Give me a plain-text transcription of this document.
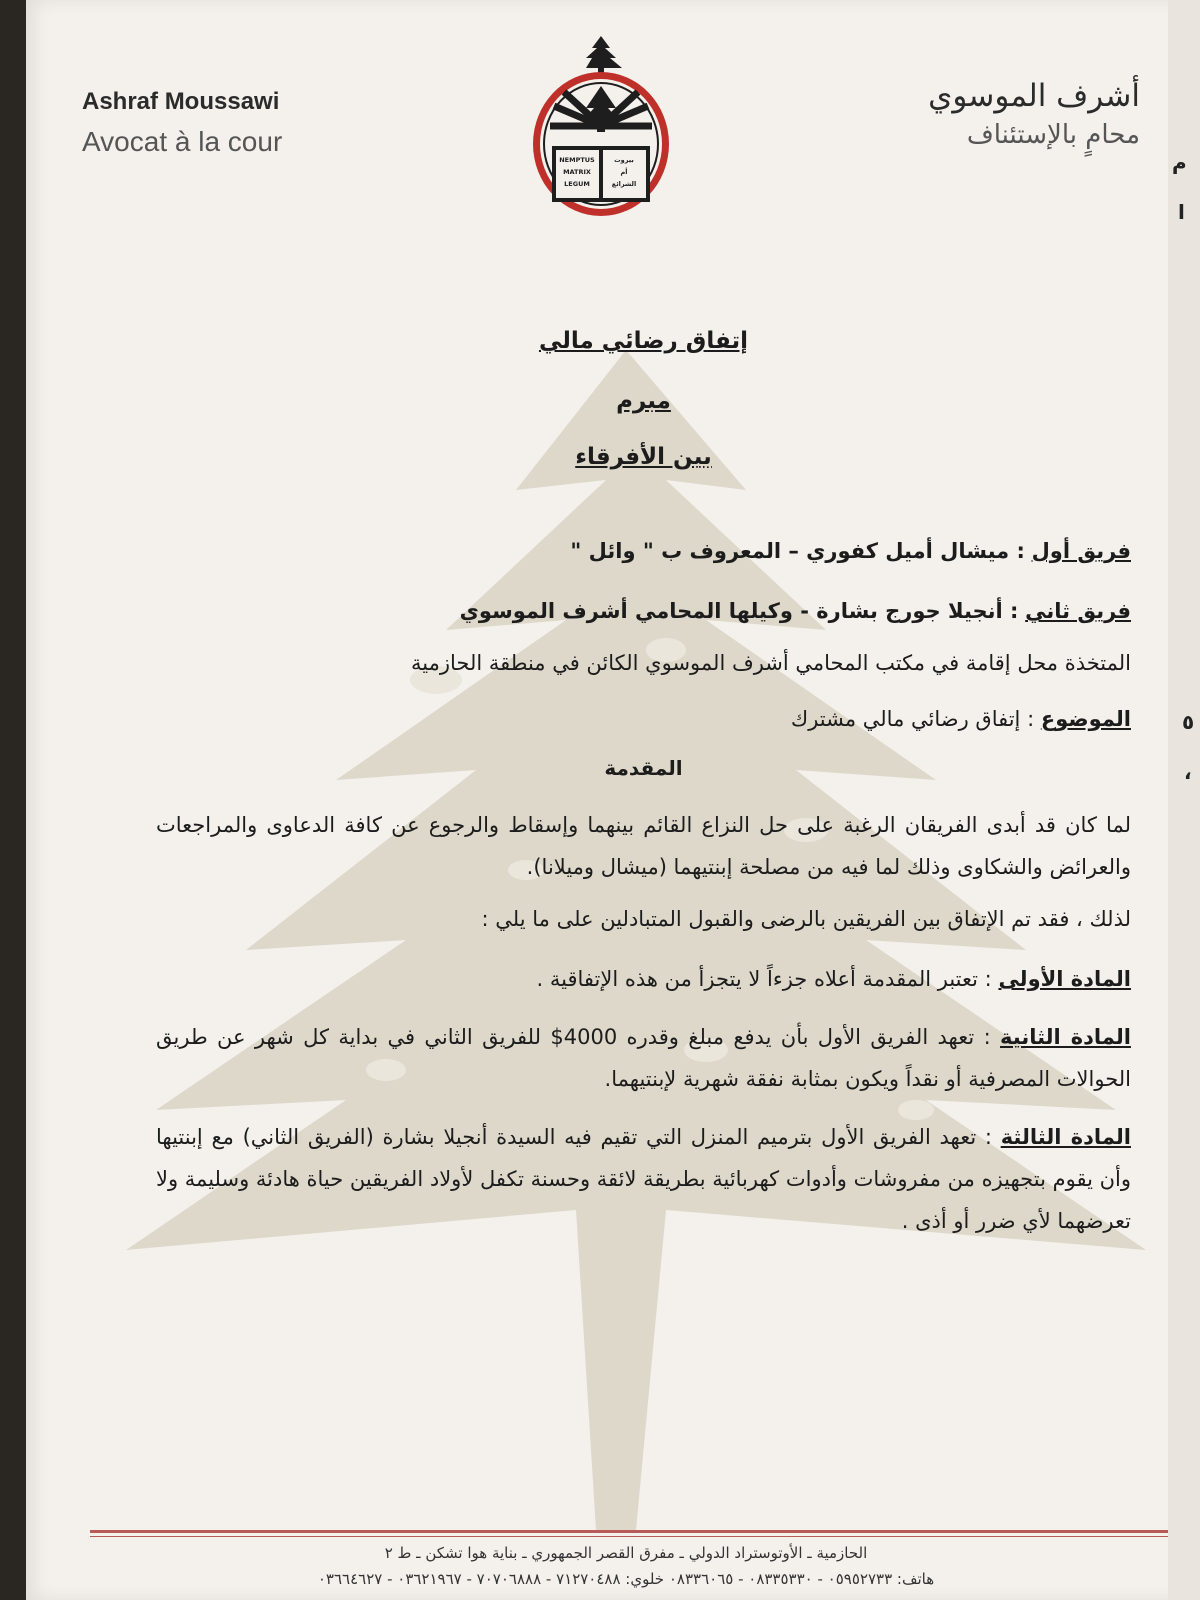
Ashraf Moussawi
Avocat à la cour
NEMPTUS
MATRIX
LEGUM
بيروت
أم
الشرائع
أشرف الموسوي
محامٍ بالإستئناف
إتفاق رضائي مالي
مبرم
بين الأفرقاء
فريق أول : ميشال أميل كفوري – المعروف ب " وائل "
فريق ثاني : أنجيلا جورج بشارة - وكيلها المحامي أشرف الموسوي
المتخذة محل إقامة في مكتب المحامي أشرف الموسوي الكائن في منطقة الحازمية
الموضوع : إتفاق رضائي مالي مشترك
المقدمة
لما كان قد أبدى الفريقان الرغبة على حل النزاع القائم بينهما وإسقاط والرجوع عن كافة الدعاوى والمراجعات والعرائض والشكاوى وذلك لما فيه من مصلحة إبنتيهما (ميشال وميلانا).
لذلك ، فقد تم الإتفاق بين الفريقين بالرضى والقبول المتبادلين على ما يلي :
المادة الأولى : تعتبر المقدمة أعلاه جزءاً لا يتجزأ من هذه الإتفاقية .
المادة الثانية : تعهد الفريق الأول بأن يدفع مبلغ وقدره 4000$ للفريق الثاني في بداية كل شهر عن طريق الحوالات المصرفية أو نقداً ويكون بمثابة نفقة شهرية لإبنتيهما.
المادة الثالثة : تعهد الفريق الأول بترميم المنزل التي تقيم فيه السيدة أنجيلا بشارة (الفريق الثاني) مع إبنتيها وأن يقوم بتجهيزه من مفروشات وأدوات كهربائية بطريقة لائقة وحسنة تكفل لأولاد الفريقين حياة هادئة وسليمة ولا تعرضهما لأي ضرر أو أذى .
الحازمية ـ الأوتوستراد الدولي ـ مفرق القصر الجمهوري ـ بناية هوا تشكن ـ ط ٢
هاتف: ٠٥٩٥٢٧٣٣ - ٠٨٣٣٥٣٣٠ - ٠٨٣٣٦٠٦٥ خلوي: ٧١٢٧٠٤٨٨ - ٧٠٧٠٦٨٨٨ - ٠٣٦٢١٩٦٧ - ٠٣٦٦٤٦٢٧
م
ا
٥
،
